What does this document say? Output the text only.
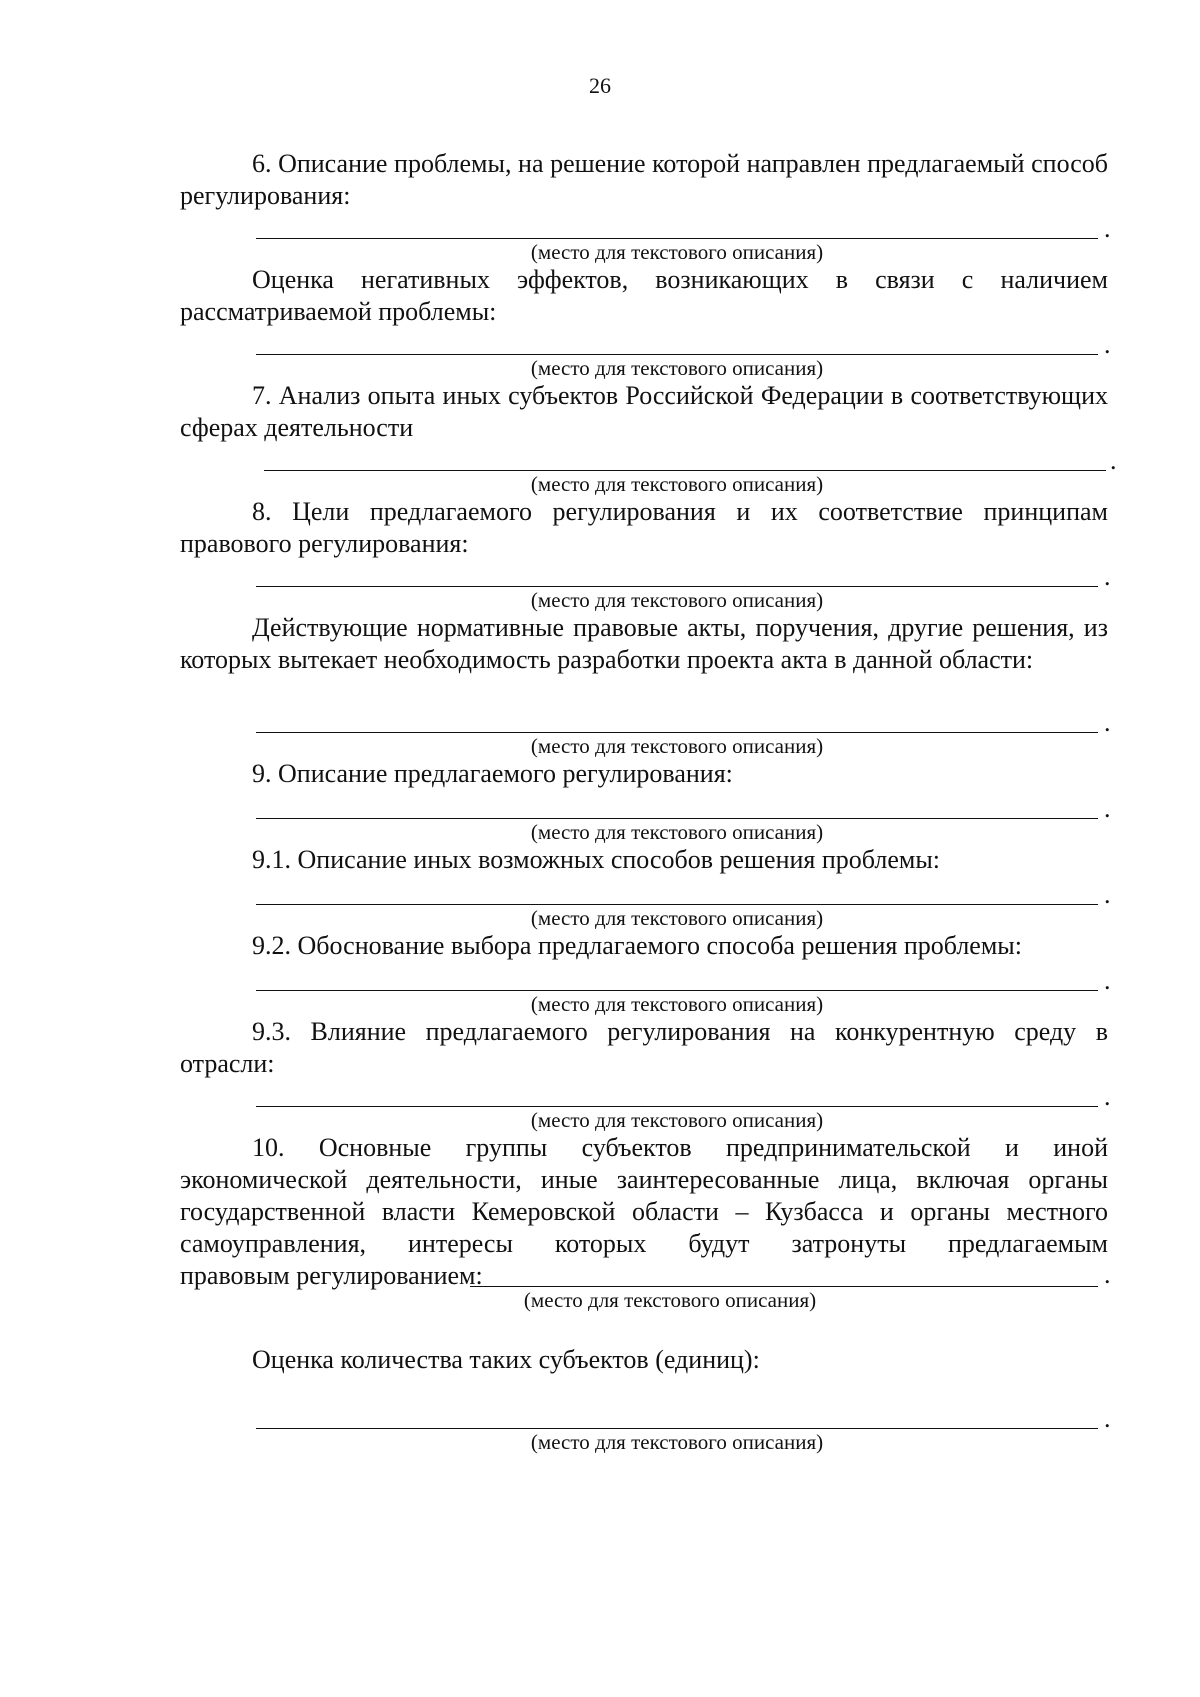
26
6. Описание проблемы, на решение которой направлен предлагаемый способ регулирования:
.
(место для текстового описания)
Оценка негативных эффектов, возникающих в связи с наличием рассматриваемой проблемы:
.
(место для текстового описания)
7. Анализ опыта иных субъектов Российской Федерации в соответствующих сферах деятельности
.
(место для текстового описания)
8. Цели предлагаемого регулирования и их соответствие принципам правового регулирования:
.
(место для текстового описания)
Действующие нормативные правовые акты, поручения, другие решения, из которых вытекает необходимость разработки проекта акта в данной области:
.
(место для текстового описания)
9. Описание предлагаемого регулирования:
.
(место для текстового описания)
9.1. Описание иных возможных способов решения проблемы:
.
(место для текстового описания)
9.2. Обоснование выбора предлагаемого способа решения проблемы:
.
(место для текстового описания)
9.3. Влияние предлагаемого регулирования на конкурентную среду в отрасли:
.
(место для текстового описания)
10. Основные группы субъектов предпринимательской и иной экономической деятельности, иные заинтересованные лица, включая органы государственной власти Кемеровской области – Кузбасса и органы местного самоуправления, интересы которых будут затронуты предлагаемым
правовым регулированием:	.
(место для текстового описания)
Оценка количества таких субъектов (единиц):
.
(место для текстового описания)
